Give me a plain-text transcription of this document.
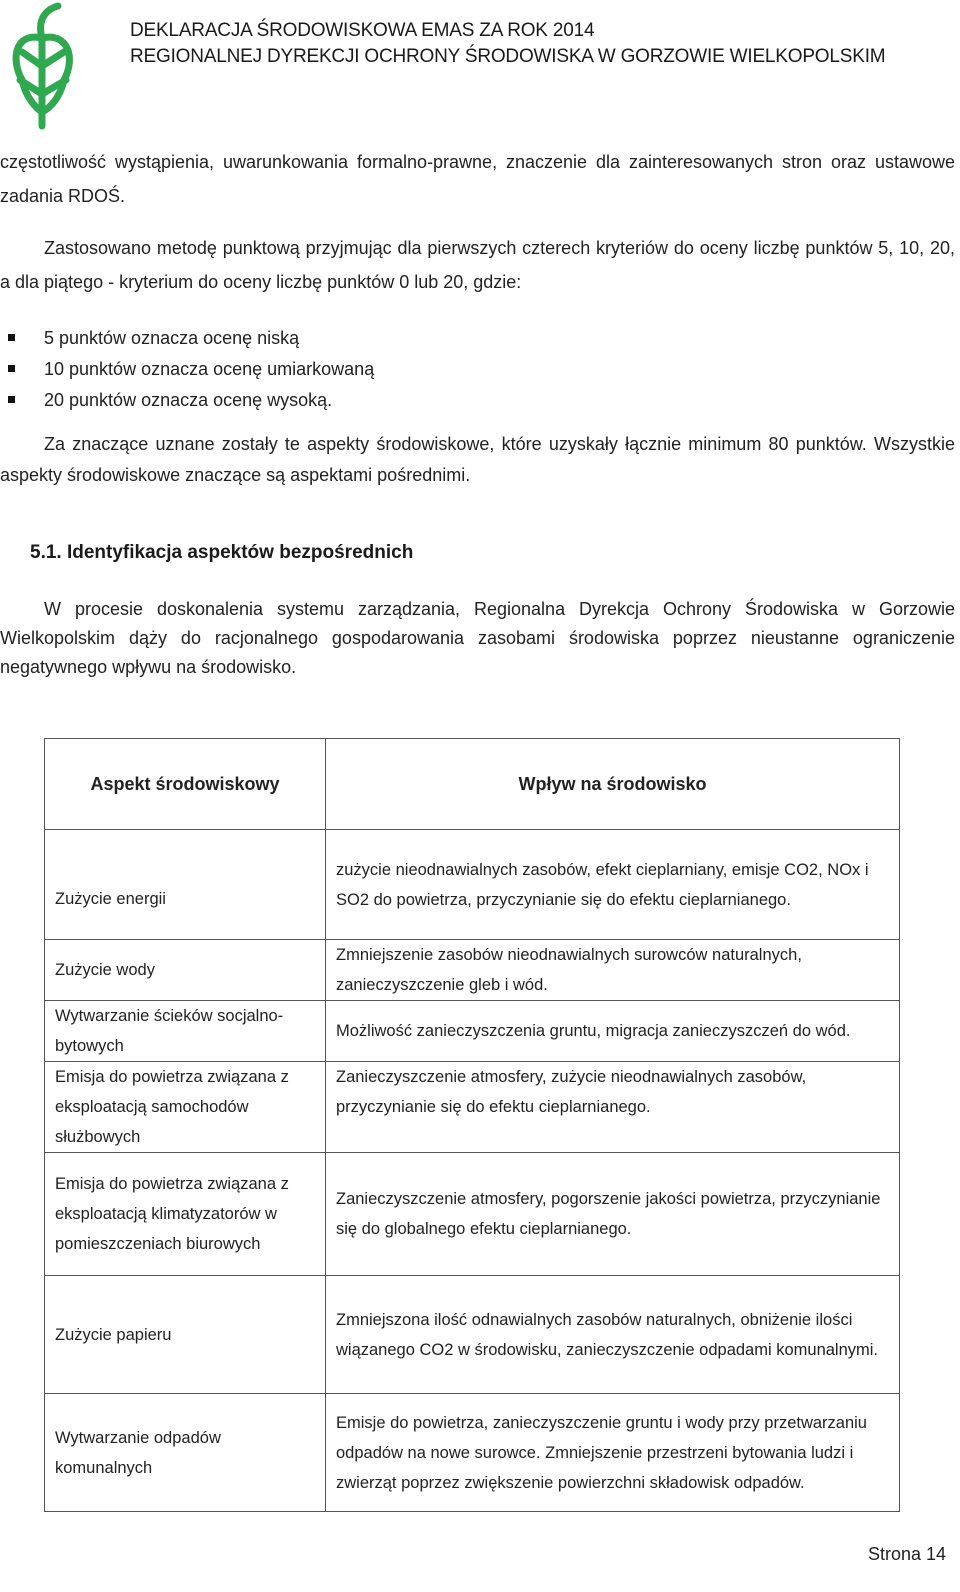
DEKLARACJA ŚRODOWISKOWA EMAS ZA ROK 2014
REGIONALNEJ DYREKCJI OCHRONY ŚRODOWISKA W GORZOWIE WIELKOPOLSKIM
częstotliwość wystąpienia, uwarunkowania formalno-prawne, znaczenie dla zainteresowanych stron oraz ustawowe zadania RDOŚ.
Zastosowano metodę punktową przyjmując dla pierwszych czterech kryteriów do oceny liczbę punktów 5, 10, 20, a dla piątego - kryterium do oceny liczbę punktów 0 lub 20, gdzie:
5 punktów oznacza ocenę niską
10 punktów oznacza ocenę umiarkowaną
20 punktów oznacza ocenę wysoką.
Za znaczące uznane zostały te aspekty środowiskowe, które uzyskały łącznie minimum 80 punktów. Wszystkie aspekty środowiskowe znaczące są aspektami pośrednimi.
5.1. Identyfikacja aspektów bezpośrednich
W procesie doskonalenia systemu zarządzania, Regionalna Dyrekcja Ochrony Środowiska w Gorzowie Wielkopolskim dąży do racjonalnego gospodarowania zasobami środowiska poprzez nieustanne ograniczenie negatywnego wpływu na środowisko.
Aspekt środowiskowy	Wpływ na środowisko
Zużycie energii	zużycie nieodnawialnych zasobów, efekt cieplarniany, emisje CO2, NOx i SO2 do powietrza, przyczynianie się do efektu cieplarnianego.
Zużycie wody	Zmniejszenie zasobów nieodnawialnych surowców naturalnych, zanieczyszczenie gleb i wód.
Wytwarzanie ścieków socjalno-bytowych	Możliwość zanieczyszczenia gruntu, migracja zanieczyszczeń do wód.
Emisja do powietrza związana z eksploatacją samochodów służbowych	Zanieczyszczenie atmosfery, zużycie nieodnawialnych zasobów, przyczynianie się do efektu cieplarnianego.
Emisja do powietrza związana z eksploatacją klimatyzatorów w pomieszczeniach biurowych	Zanieczyszczenie atmosfery, pogorszenie jakości powietrza, przyczynianie się do globalnego efektu cieplarnianego.
Zużycie papieru	Zmniejszona ilość odnawialnych zasobów naturalnych, obniżenie ilości wiązanego CO2 w środowisku, zanieczyszczenie odpadami komunalnymi.
Wytwarzanie odpadów komunalnych	Emisje do powietrza, zanieczyszczenie gruntu i wody przy przetwarzaniu odpadów na nowe surowce. Zmniejszenie przestrzeni bytowania ludzi i zwierząt poprzez zwiększenie powierzchni składowisk odpadów.
Strona 14
